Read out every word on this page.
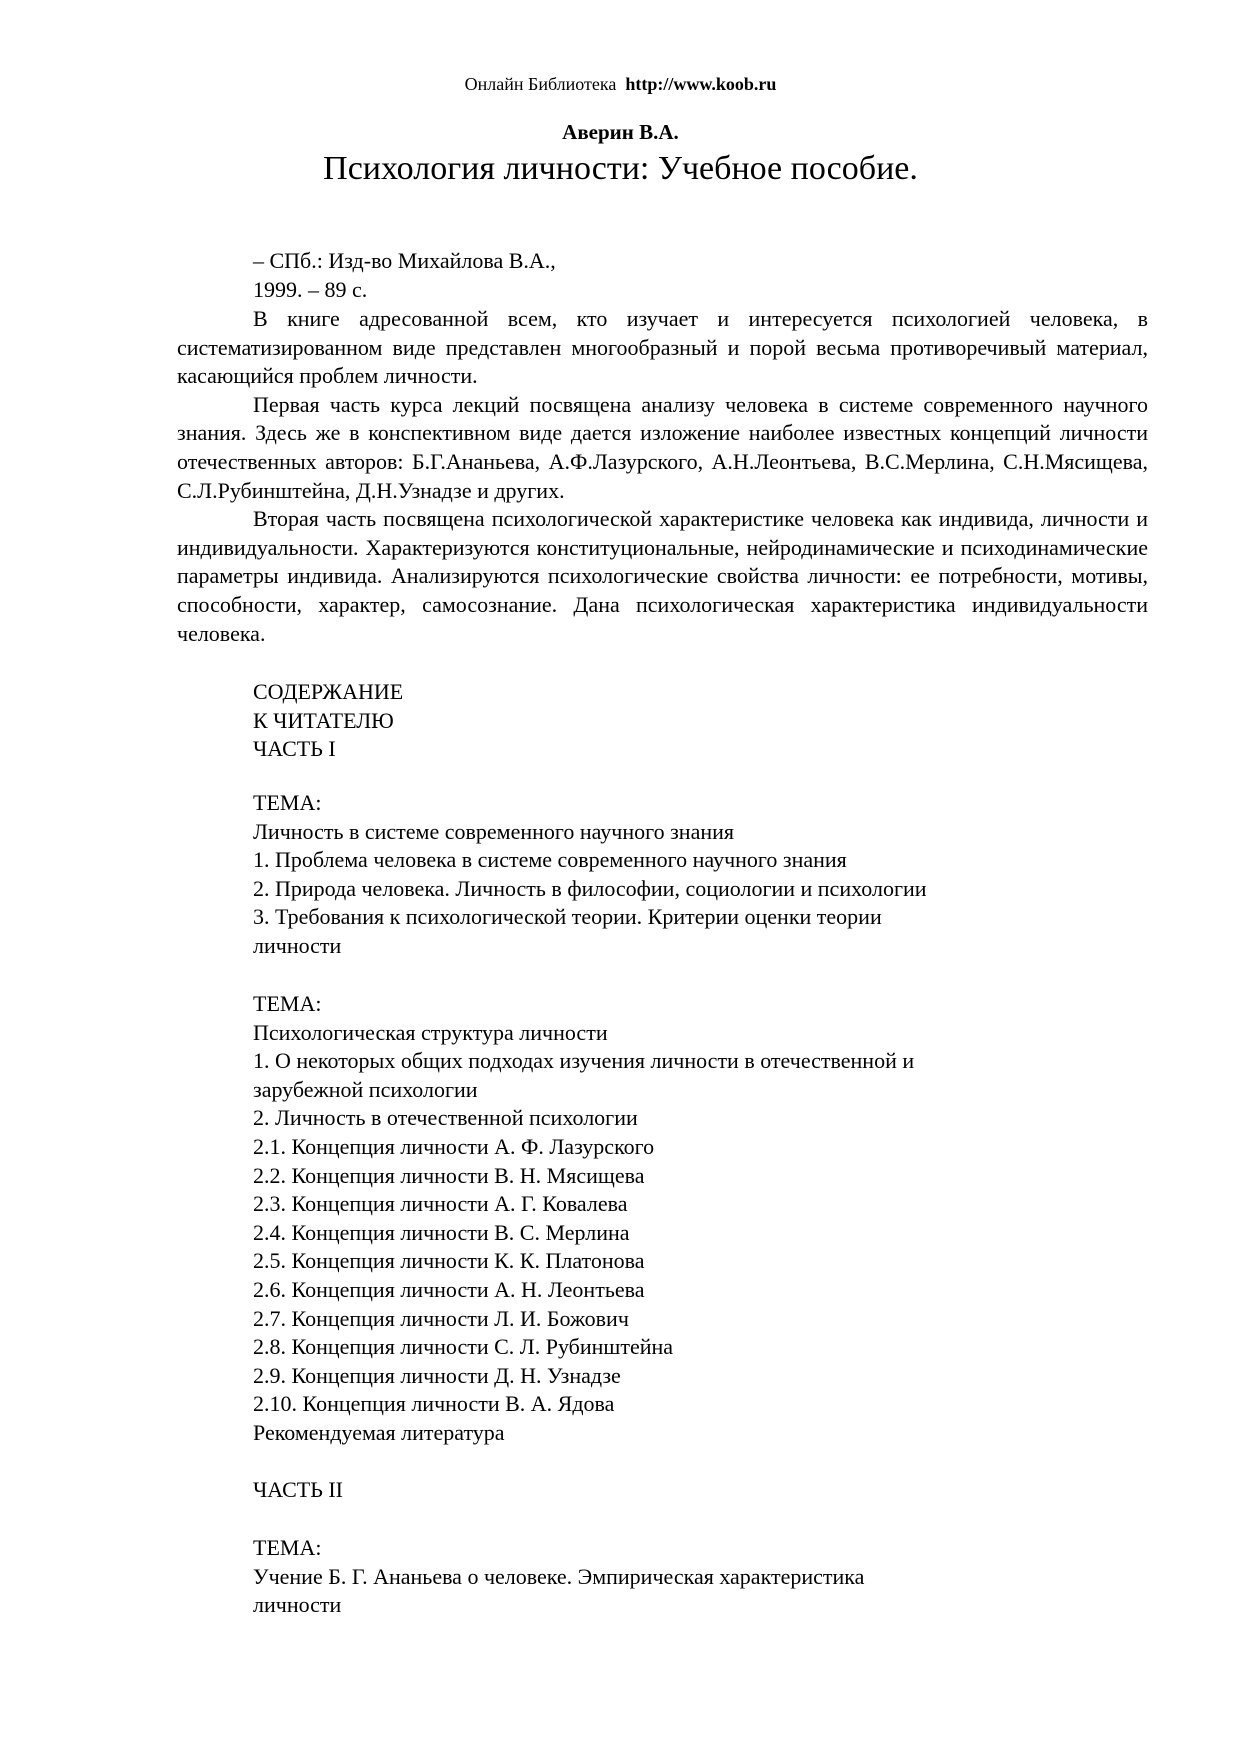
Онлайн Библиотека http://www.koob.ru
Аверин В.А.
Психология личности: Учебное пособие.
– СПб.: Изд-во Михайлова В.А.,
1999. – 89 с.

В книге адресованной всем, кто изучает и интересуется психологией человека, в систематизированном виде представлен многообразный и порой весьма противоречивый материал, касающийся проблем личности.

Первая часть курса лекций посвящена анализу человека в системе современного научного знания. Здесь же в конспективном виде дается изложение наиболее известных концепций личности отечественных авторов: Б.Г.Ананьева, А.Ф.Лазурского, А.Н.Леонтьева, В.С.Мерлина, С.Н.Мясищева, С.Л.Рубинштейна, Д.Н.Узнадзе и других.

Вторая часть посвящена психологической характеристике человека как индивида, личности и индивидуальности. Характеризуются конституциональные, нейродинамические и психодинамические параметры индивида. Анализируются психологические свойства личности: ее потребности, мотивы, способности, характер, самосознание. Дана психологическая характеристика индивидуальности человека.

СОДЕРЖАНИЕ
К ЧИТАТЕЛЮ
ЧАСТЬ I
ТЕМА:
Личность в системе современного научного знания
1. Проблема человека в системе современного научного знания
2. Природа человека. Личность в философии, социологии и психологии
3. Требования к психологической теории. Критерии оценки теории
личности
ТЕМА:
Психологическая структура личности
1. О некоторых общих подходах изучения личности в отечественной и
зарубежной психологии
2. Личность в отечественной психологии
2.1. Концепция личности А. Ф. Лазурского
2.2. Концепция личности В. Н. Мясищева
2.3. Концепция личности А. Г. Ковалева
2.4. Концепция личности В. С. Мерлина
2.5. Концепция личности К. К. Платонова
2.6. Концепция личности А. Н. Леонтьева
2.7. Концепция личности Л. И. Божович
2.8. Концепция личности С. Л. Рубинштейна
2.9. Концепция личности Д. Н. Узнадзе
2.10. Концепция личности В. А. Ядова
Рекомендуемая литература
ЧАСТЬ II
ТЕМА:
Учение Б. Г. Ананьева о человеке. Эмпирическая характеристика
личности
